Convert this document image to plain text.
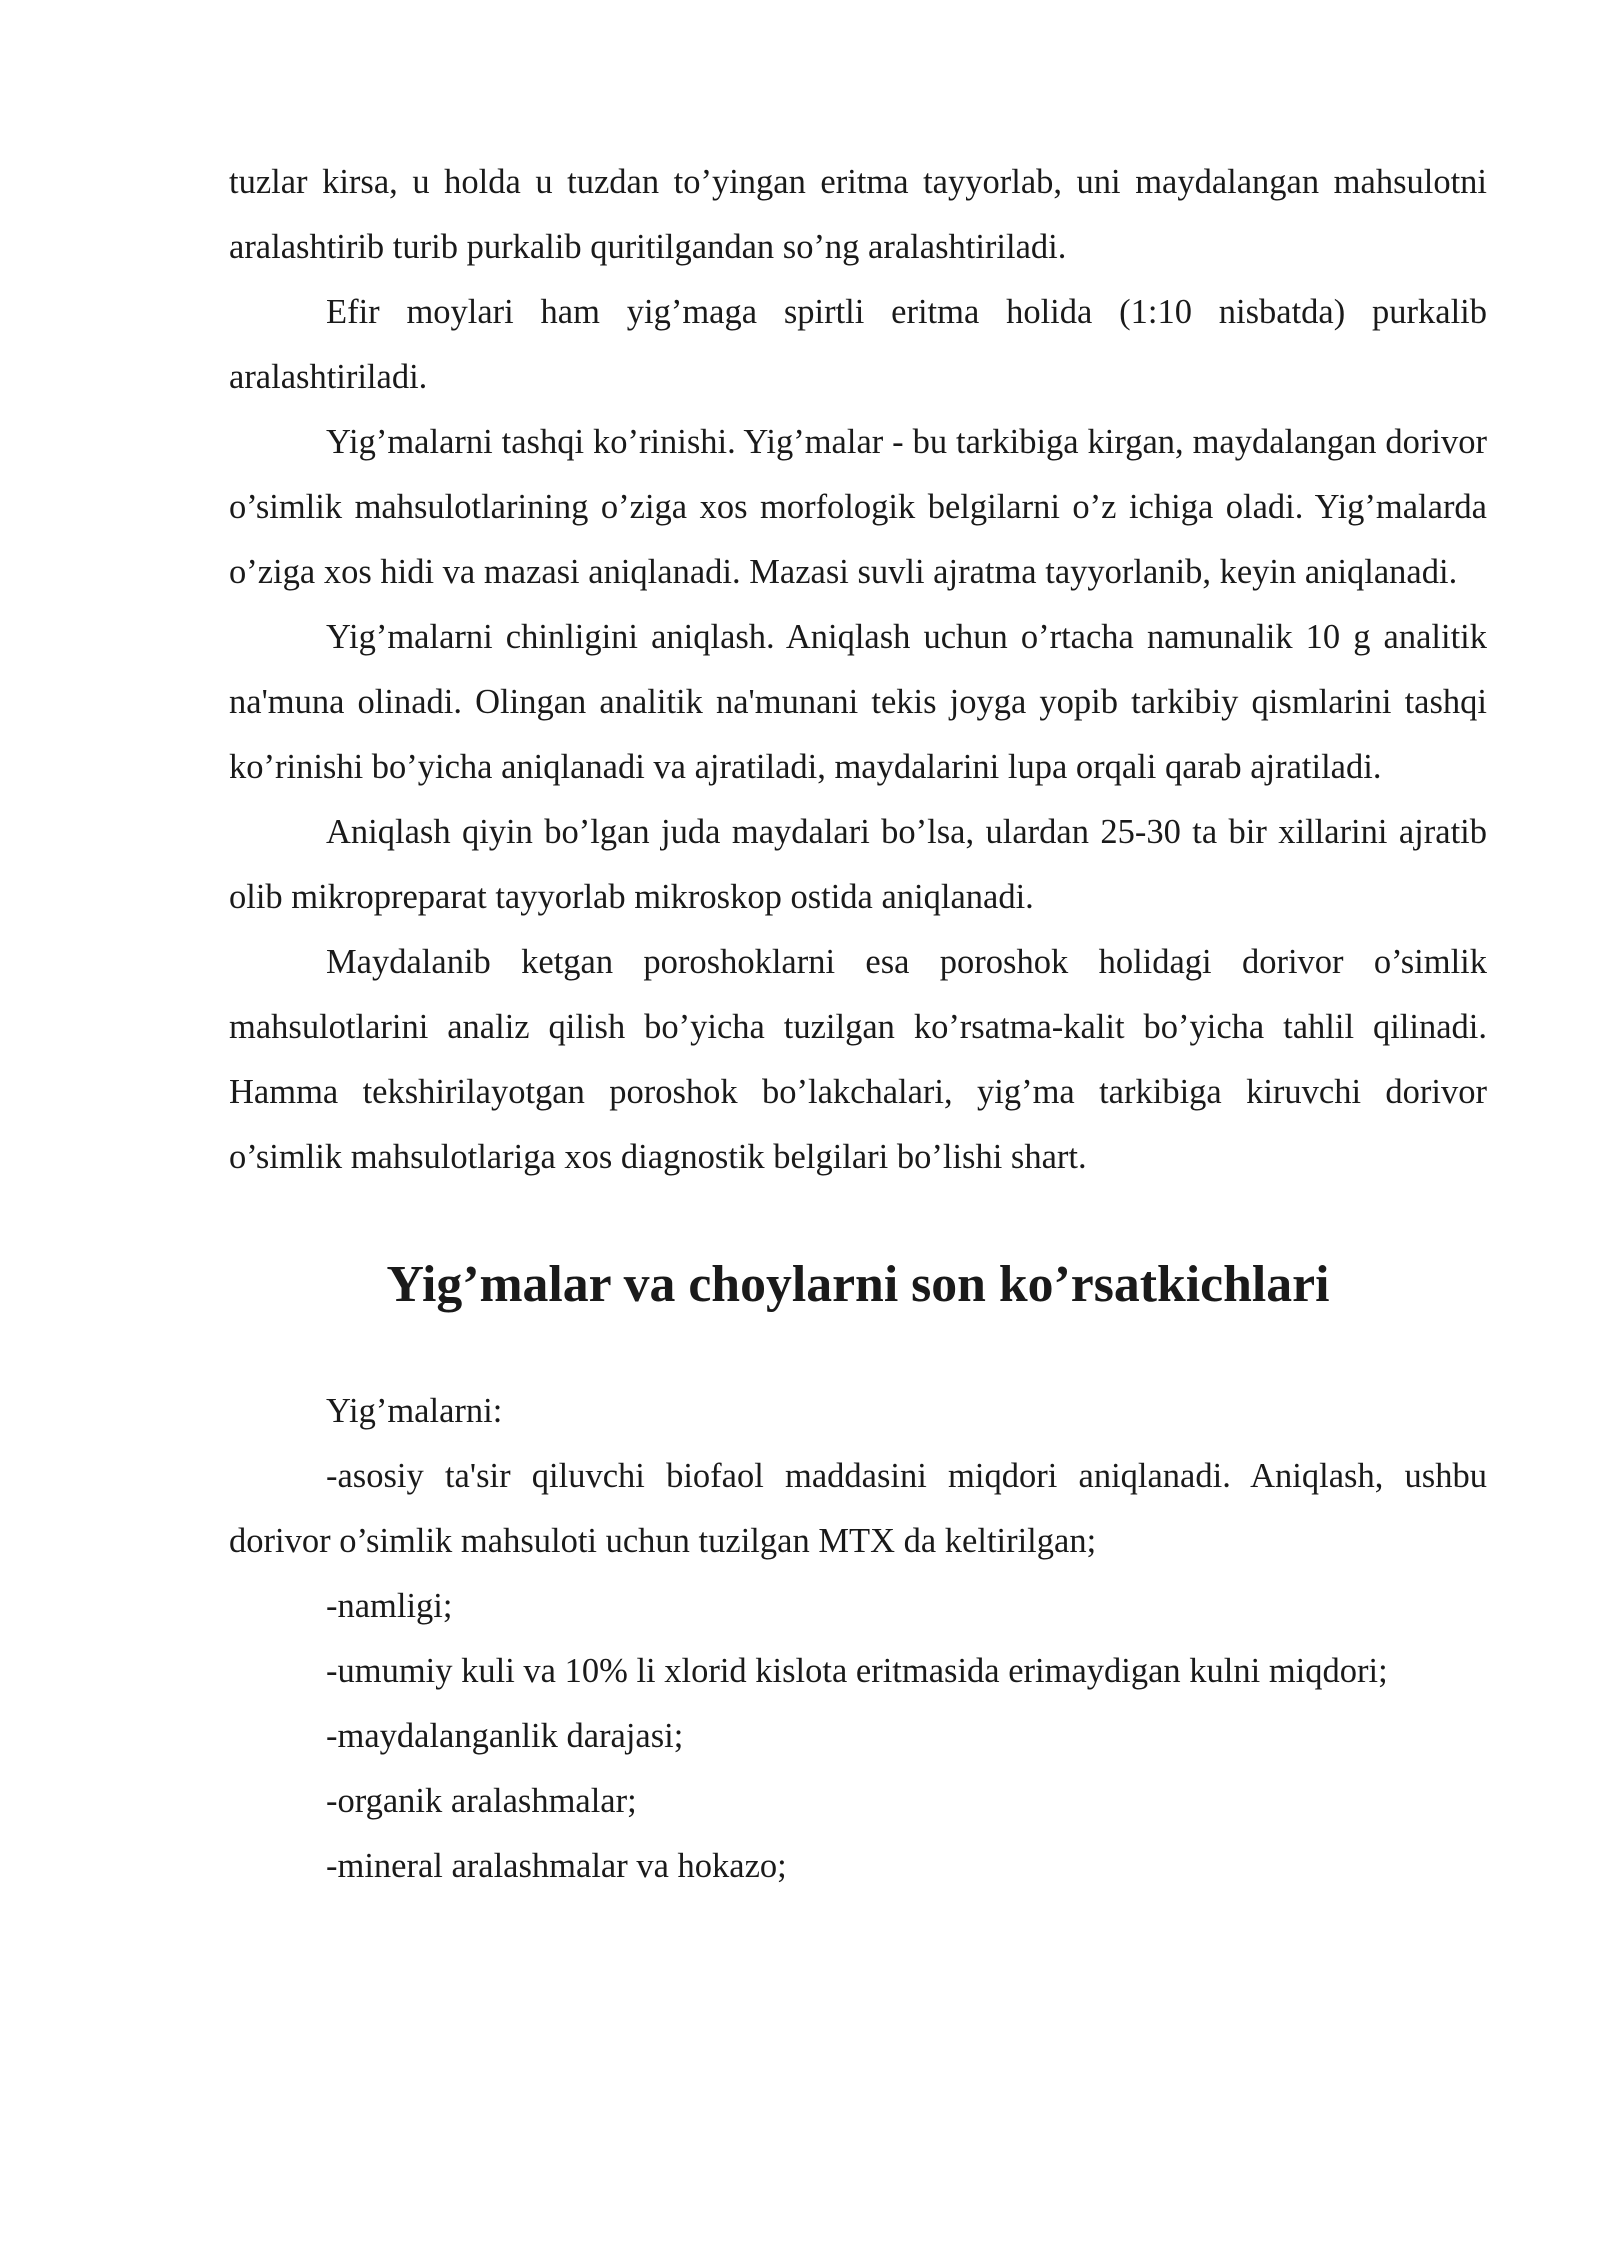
tuzlar kirsa, u holda u tuzdan to’yingan eritma tayyorlab, uni maydalangan mahsulotni aralashtirib turib purkalib quritilgandan so’ng aralashtiriladi.

Efir moylari ham yig’maga spirtli eritma holida (1:10 nisbatda) purkalib aralashtiriladi.

Yig’malarni tashqi ko’rinishi. Yig’malar - bu tarkibiga kirgan, maydalangan dorivor o’simlik mahsulotlarining o’ziga xos morfologik belgilarni o’z ichiga oladi. Yig’malarda o’ziga xos hidi va mazasi aniqlanadi. Mazasi suvli ajratma tayyorlanib, keyin aniqlanadi.

Yig’malarni chinligini aniqlash. Aniqlash uchun o’rtacha namunalik 10 g analitik na'muna olinadi. Olingan analitik na'munani tekis joyga yopib tarkibiy qismlarini tashqi ko’rinishi bo’yicha aniqlanadi va ajratiladi, maydalarini lupa orqali qarab ajratiladi.

Aniqlash qiyin bo’lgan juda maydalari bo’lsa, ulardan 25-30 ta bir xillarini ajratib olib mikropreparat tayyorlab mikroskop ostida aniqlanadi.

Maydalanib ketgan poroshoklarni esa poroshok holidagi dorivor o’simlik mahsulotlarini analiz qilish bo’yicha tuzilgan ko’rsatma-kalit bo’yicha tahlil qilinadi. Hamma tekshirilayotgan poroshok bo’lakchalari, yig’ma tarkibiga kiruvchi dorivor o’simlik mahsulotlariga xos diagnostik belgilari bo’lishi shart.

Yig’malar va choylarni son ko’rsatkichlari

Yig’malarni:

-asosiy ta'sir qiluvchi biofaol maddasini miqdori aniqlanadi. Aniqlash, ushbu dorivor o’simlik mahsuloti uchun tuzilgan MTX da keltirilgan;

-namligi;

-umumiy kuli va 10% li xlorid kislota eritmasida erimaydigan kulni miqdori;

-maydalanganlik darajasi;

-organik aralashmalar;

-mineral aralashmalar va hokazo;
